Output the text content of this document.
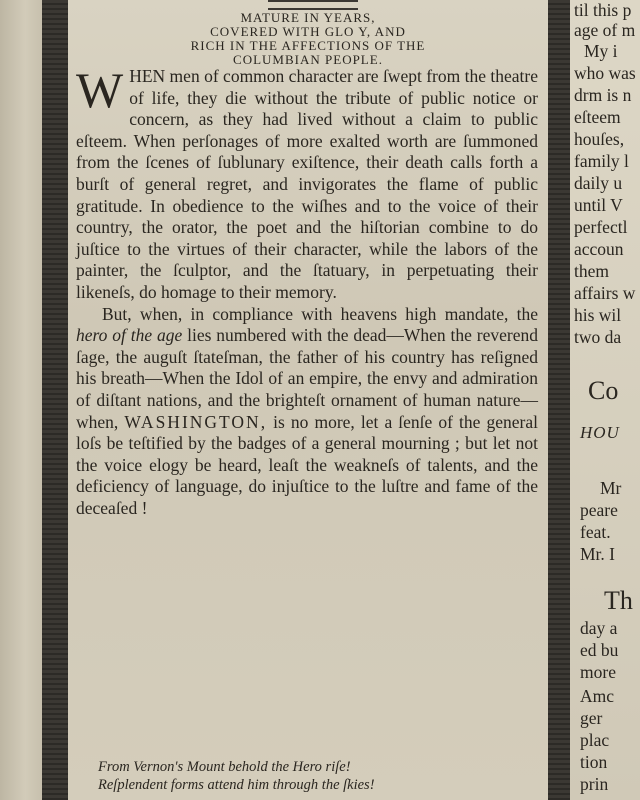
MATURE IN YEARS,
COVERED WITH GLO Y, AND
RICH IN THE AFFECTIONS OF THE
COLUMBIAN PEOPLE.

WHEN men of common character are ſwept from the theatre of life, they die without the tribute of public notice or concern, as they had lived without a claim to public eſteem. When perſonages of more exalted worth are ſummoned from the ſcenes of ſublunary exiſtence, their death calls forth a burſt of general regret, and invigorates the flame of public gratitude. In obedience to the wiſhes and to the voice of their country, the orator, the poet and the hiſtorian combine to do juſtice to the virtues of their character, while the labors of the painter, the ſculptor, and the ſtatuary, in perpetuating their likeneſs, do homage to their memory.

But, when, in compliance with heavens high mandate, the hero of the age lies numbered with the dead—When the reverend ſage, the auguſt ſtateſman, the father of his country has reſigned his breath—When the Idol of an empire, the envy and admiration of diſtant nations, and the brighteſt ornament of human nature—when, WASHINGTON, is no more, let a ſenſe of the general loſs be teſtified by the badges of a general mourning ; but let not the voice elogy be heard, leaſt the weakneſs of talents, and the deficiency of language, do injuſtice to the luſtre and fame of the deceaſed !

From Vernon's Mount behold the Hero riſe!
Reſplendent forms attend him through the ſkies!
til this p
age of m
My i
who was
drm is n
eſteem
houſes,
family l
daily u
until V
perfectl
accoun
them
affairs w
his wil
two da
Co
HOU
Mr
peare
feat.
Mr. I
Th
day a
ed bu
more
Amc
ger
plac
tion
prin
